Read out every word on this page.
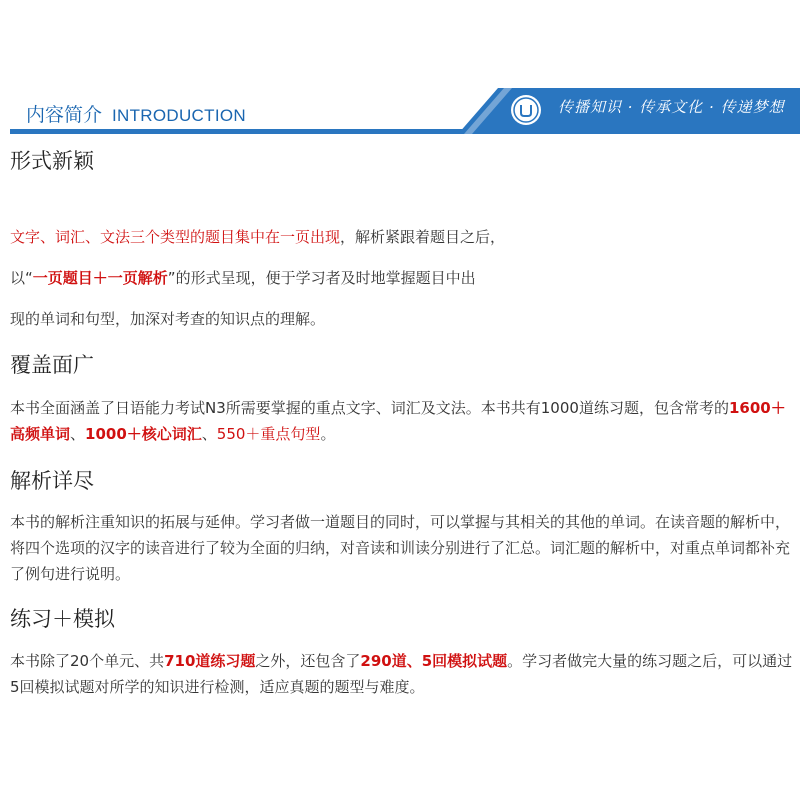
内容简介 INTRODUCTION	传播知识 · 传承文化 · 传递梦想
形式新颖

文字、词汇、文法三个类型的题目集中在一页出现，解析紧跟着题目之后，

以“一页题目＋一页解析”的形式呈现，便于学习者及时地掌握题目中出

现的单词和句型，加深对考查的知识点的理解。

覆盖面广

本书全面涵盖了日语能力考试N3所需要掌握的重点文字、词汇及文法。本书共有1000道练习题，包含常考的1600＋高频单词、1000＋核心词汇、550＋重点句型。

解析详尽

本书的解析注重知识的拓展与延伸。学习者做一道题目的同时，可以掌握与其相关的其他的单词。在读音题的解析中，将四个选项的汉字的读音进行了较为全面的归纳，对音读和训读分别进行了汇总。词汇题的解析中，对重点单词都补充了例句进行说明。

练习＋模拟

本书除了20个单元、共710道练习题之外，还包含了290道、5回模拟试题。学习者做完大量的练习题之后，可以通过5回模拟试题对所学的知识进行检测，适应真题的题型与难度。
